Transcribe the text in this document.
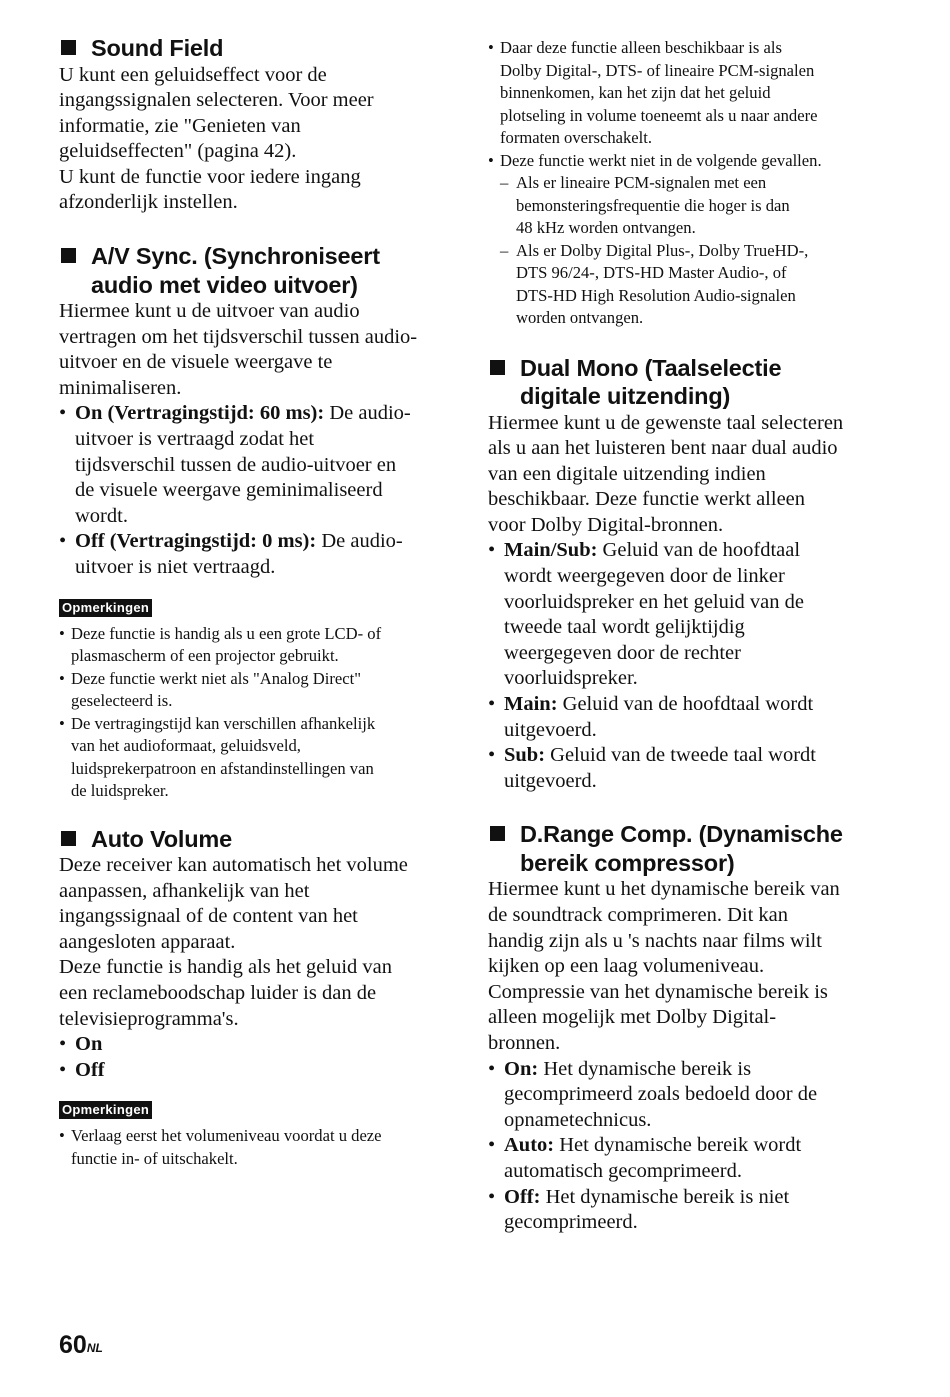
Sound Field
U kunt een geluidseffect voor de
ingangssignalen selecteren. Voor meer
informatie, zie "Genieten van
geluidseffecten" (pagina 42).
U kunt de functie voor iedere ingang
afzonderlijk instellen.
A/V Sync. (Synchroniseert
audio met video uitvoer)
Hiermee kunt u de uitvoer van audio
vertragen om het tijdsverschil tussen audio-
uitvoer en de visuele weergave te
minimaliseren.
• On (Vertragingstijd: 60 ms): De audio-
uitvoer is vertraagd zodat het
tijdsverschil tussen de audio-uitvoer en
de visuele weergave geminimaliseerd
wordt.
• Off (Vertragingstijd: 0 ms): De audio-
uitvoer is niet vertraagd.
Opmerkingen
• Deze functie is handig als u een grote LCD- of
plasmascherm of een projector gebruikt.
• Deze functie werkt niet als "Analog Direct"
geselecteerd is.
• De vertragingstijd kan verschillen afhankelijk
van het audioformaat, geluidsveld,
luidsprekerpatroon en afstandinstellingen van
de luidspreker.
Auto Volume
Deze receiver kan automatisch het volume
aanpassen, afhankelijk van het
ingangssignaal of de content van het
aangesloten apparaat.
Deze functie is handig als het geluid van
een reclameboodschap luider is dan de
televisieprogramma's.
• On
• Off
Opmerkingen
• Verlaag eerst het volumeniveau voordat u deze
functie in- of uitschakelt.
• Daar deze functie alleen beschikbaar is als
Dolby Digital-, DTS- of lineaire PCM-signalen
binnenkomen, kan het zijn dat het geluid
plotseling in volume toeneemt als u naar andere
formaten overschakelt.
• Deze functie werkt niet in de volgende gevallen.
– Als er lineaire PCM-signalen met een
bemonsteringsfrequentie die hoger is dan
48 kHz worden ontvangen.
– Als er Dolby Digital Plus-, Dolby TrueHD-,
DTS 96/24-, DTS-HD Master Audio-, of
DTS-HD High Resolution Audio-signalen
worden ontvangen.
Dual Mono (Taalselectie
digitale uitzending)
Hiermee kunt u de gewenste taal selecteren
als u aan het luisteren bent naar dual audio
van een digitale uitzending indien
beschikbaar. Deze functie werkt alleen
voor Dolby Digital-bronnen.
• Main/Sub: Geluid van de hoofdtaal
wordt weergegeven door de linker
voorluidspreker en het geluid van de
tweede taal wordt gelijktijdig
weergegeven door de rechter
voorluidspreker.
• Main: Geluid van de hoofdtaal wordt
uitgevoerd.
• Sub: Geluid van de tweede taal wordt
uitgevoerd.
D.Range Comp. (Dynamische
bereik compressor)
Hiermee kunt u het dynamische bereik van
de soundtrack comprimeren. Dit kan
handig zijn als u 's nachts naar films wilt
kijken op een laag volumeniveau.
Compressie van het dynamische bereik is
alleen mogelijk met Dolby Digital-
bronnen.
• On: Het dynamische bereik is
gecomprimeerd zoals bedoeld door de
opnametechnicus.
• Auto: Het dynamische bereik wordt
automatisch gecomprimeerd.
• Off: Het dynamische bereik is niet
gecomprimeerd.
$60^{NL}$
